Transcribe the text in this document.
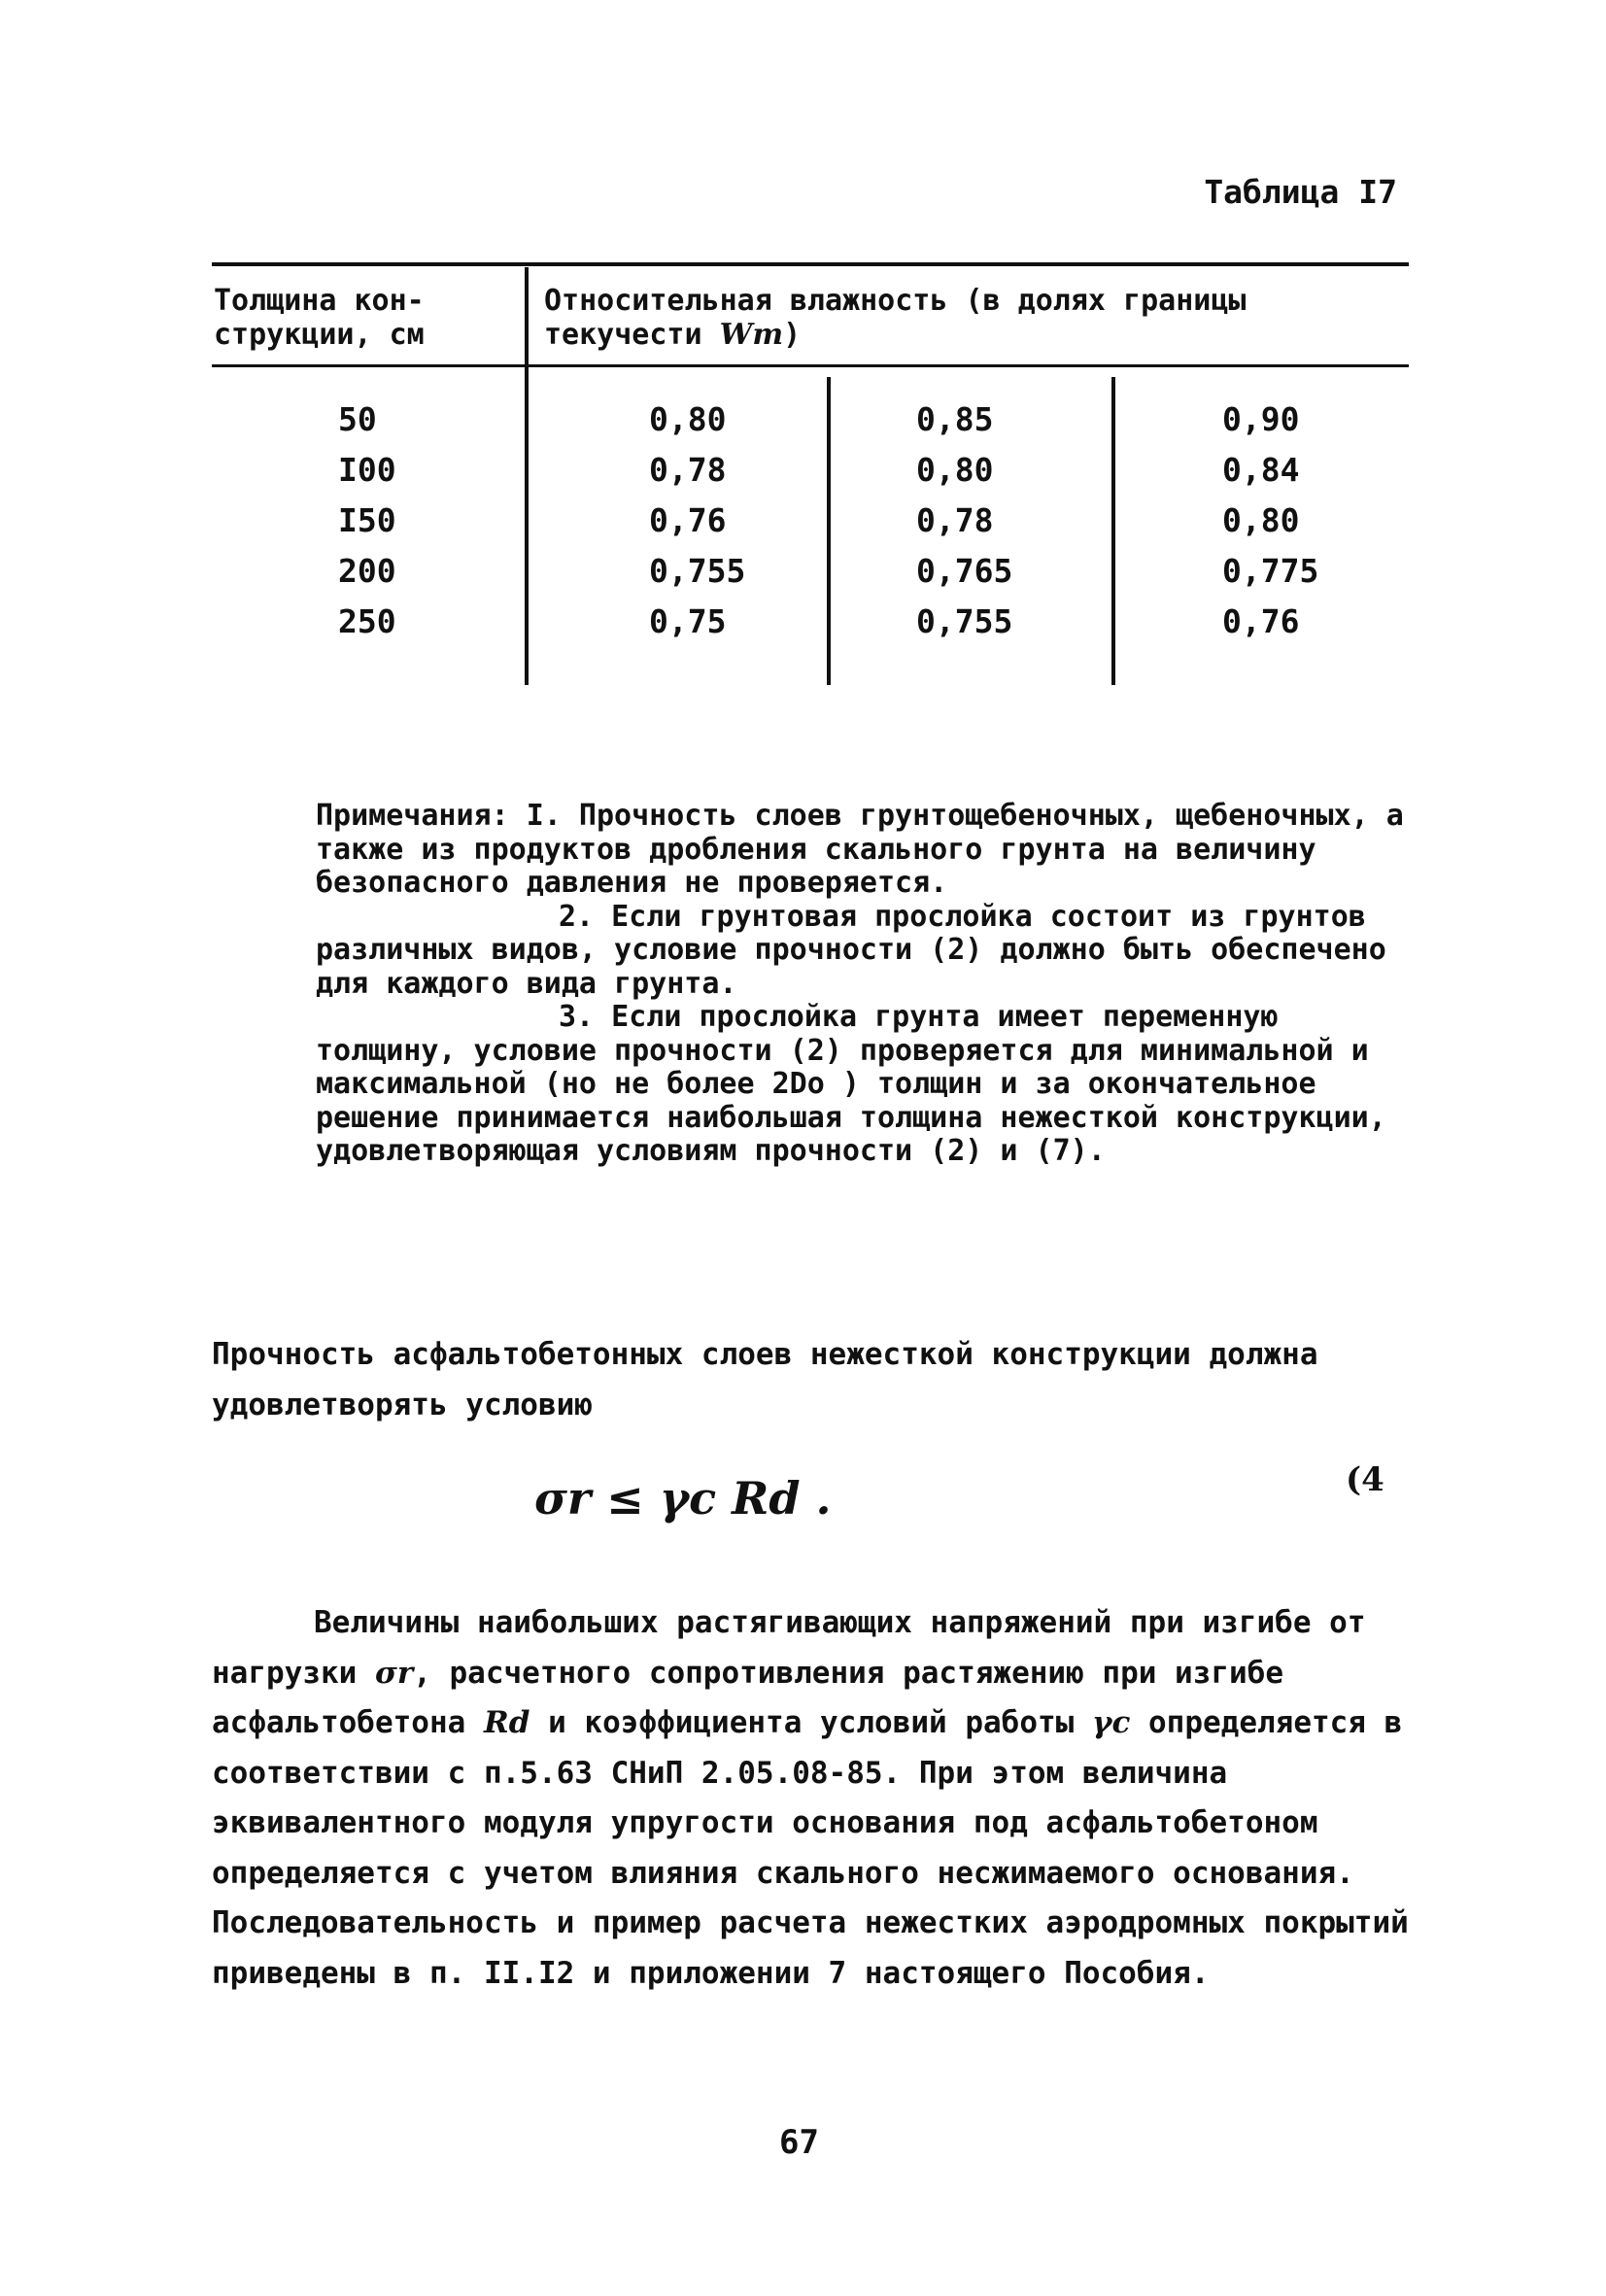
Таблица I7
Толщина кон- струкции, см
Относительная влажность (в долях границы текучести Wт)
50	0,80	0,85	0,90
I00	0,78	0,80	0,84
I50	0,76	0,78	0,80
200	0,755	0,765	0,775
250	0,75	0,755	0,76

Примечания: I. Прочность слоев грунтощебеночных, щебеночных, а также из продуктов дробления скального грунта на величину безопасного давления не проверяется.

2. Если грунтовая прослойка состоит из грунтов различных видов, условие прочности (2) должно быть обеспечено для каждого вида грунта.

3. Если прослойка грунта имеет переменную толщину, условие прочности (2) проверяется для минимальной и максимальной (но не более 2Dо ) толщин и за окончательное решение принимается наибольшая толщина нежесткой конструкции, удовлетворяющая условиям прочности (2) и (7).

Прочность асфальтобетонных слоев нежесткой конструкции должна удовлетворять условию
σr ≤ γc Rd .	(4
Величины наибольших растягивающих напряжений при изгибе от нагрузки σr, расчетного сопротивления растяжению при изгибе асфальтобетона Rd и коэффициента условий работы γc определяется в соответствии с п.5.63 СНиП 2.05.08-85. При этом величина эквивалентного модуля упругости основания под асфальтобетоном определяется с учетом влияния скального несжимаемого основания. Последовательность и пример расчета нежестких аэродромных покрытий приведены в п. II.I2 и приложении 7 настоящего Пособия.
67
